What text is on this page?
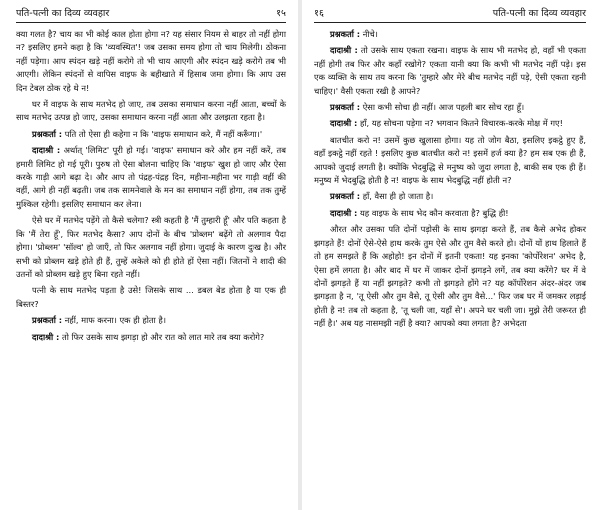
पति-पत्नी का दिव्य व्यवहार	१५

क्या गलत है? चाय का भी कोई काल होता होगा न? यह संसार नियम से बाहर तो नहीं होगा न? इसलिए हमने कहा है कि 'व्यवस्थित'! जब उसका समय होगा तो चाय मिलेगी। ठोकना नहीं पड़ेगा। आप स्पंदन खड़े नहीं करोगे तो भी चाय आएगी और स्पंदन खड़े करोगे तब भी आएगी। लेकिन स्पंदनों से वापिस वाइफ के बहीखाते में हिसाब जमा होगा। कि आप उस दिन टेबल ठोक रहे थे न!

घर में वाइफ के साथ मतभेद हो जाए, तब उसका समाधान करना नहीं आता, बच्चों के साथ मतभेद उत्पन्न हो जाए, उसका समाधान करना नहीं आता और उलझता रहता है।

प्रश्नकर्ता : पति तो ऐसा ही कहेगा न कि 'वाइफ समाधान करे, मैं नहीं करूँगा।'

दादाश्री : अर्थात् 'लिमिट' पूरी हो गई। 'वाइफ' समाधान करे और हम नहीं करें, तब हमारी लिमिट हो गई पूरी। पुरुष तो ऐसा बोलना चाहिए कि 'वाइफ' खुश हो जाए और ऐसा करके गाड़ी आगे बढ़ा दे। और आप तो पंद्रह-पंद्रह दिन, महीना-महीना भर गाड़ी वहीं की वहीं, आगे ही नहीं बढ़ती। जब तक सामनेवाले के मन का समाधान नहीं होगा, तब तक तुम्हें मुश्किल रहेगी। इसलिए समाधान कर लेना।

ऐसे घर में मतभेद पड़ेंगे तो कैसे चलेगा? स्त्री कहती है 'मैं तुम्हारी हूँ' और पति कहता है कि 'मैं तेरा हूँ', फिर मतभेद कैसा? आप दोनों के बीच 'प्रोब्लम' बढ़ेंगे तो अलगाव पैदा होगा। 'प्रोब्लम' 'सॉल्व' हो जाएँ, तो फिर अलगाव नहीं होगा। जुदाई के कारण दुःख है। और सभी को प्रोब्लम खड़े होते ही हैं, तुम्हें अकेले को ही होते हों ऐसा नहीं। जितनों ने शादी की उतनों को प्रोब्लम खड़े हुए बिना रहते नहीं।

पत्नी के साथ मतभेद पड़ता है उसे! जिसके साथ ... डबल बेड होता है या एक ही बिस्तर?

प्रश्नकर्ता : नहीं, माफ करना। एक ही होता है।

दादाश्री : तो फिर उसके साथ झगड़ा हो और रात को लात मारे तब क्या करोगे?

१६	पति-पत्नी का दिव्य व्यवहार

प्रश्नकर्ता : नीचे।

दादाश्री : तो उसके साथ एकता रखना। वाइफ के साथ भी मतभेद हो, वहाँ भी एकता नहीं होगी तब फिर और कहाँ रखोगे? एकता यानी क्या कि कभी भी मतभेद नहीं पड़े। इस एक व्यक्ति के साथ तय करना कि 'तुम्हारे और मेरे बीच मतभेद नहीं पड़े, ऐसी एकता रहनी चाहिए।' वैसी एकता रखी है आपने?

प्रश्नकर्ता : ऐसा कभी सोचा ही नहीं। आज पहली बार सोच रहा हूँ।

दादाश्री : हाँ, यह सोचना पड़ेगा न? भगवान कितने विचारक-करके मोक्ष में गए!

बातचीत करो न! उसमें कुछ खुलासा होगा। यह तो जोग बैठा, इसलिए इकट्ठे हुए हैं, वहाँ इकट्ठे नहीं रहते ! इसलिए कुछ बातचीत करो न! इसमें हर्ज क्या है? हम सब एक ही हैं, आपको जुदाई लगती है। क्योंकि भेदबुद्धि से मनुष्य को जुदा लगता है, बाकी सब एक ही हैं। मनुष्य में भेदबुद्धि होती है न! वाइफ के साथ भेदबुद्धि नहीं होती न?

प्रश्नकर्ता : हाँ, वैसा ही हो जाता है।

दादाश्री : यह वाइफ के साथ भेद कौन करवाता है? बुद्धि ही!

औरत और उसका पति दोनों पड़ोसी के साथ झगड़ा करते हैं, तब कैसे अभेद होकर झगड़ते हैं! दोनों ऐसे-ऐसे हाथ करके तुम ऐसे और तुम वैसे करते हो। दोनों यों हाथ हिलाते हैं तो हम समझते हैं कि अहोहो! इन दोनों में इतनी एकता! यह इनका 'कोर्पोरेशन' अभेद है, ऐसा हमें लगता है। और बाद में घर में जाकर दोनों झगड़ने लगें, तब क्या करेंगे? घर में वे दोनों झगड़ते हैं या नहीं झगड़ते? कभी तो झगड़ते होंगे न? यह कॉर्पोरेशन अंदर-अंदर जब झगड़ता है न, 'तू ऐसी और तुम वैसे, तू ऐसी और तुम वैसे...' फिर जब घर में जमकर लड़ाई होती है न! तब तो कहता है, 'तू चली जा, यहाँ से'। अपने घर चली जा। मुझे तेरी जरूरत ही नहीं है।' अब यह नासमझी नहीं है क्या? आपको क्या लगता है? अभेदता
